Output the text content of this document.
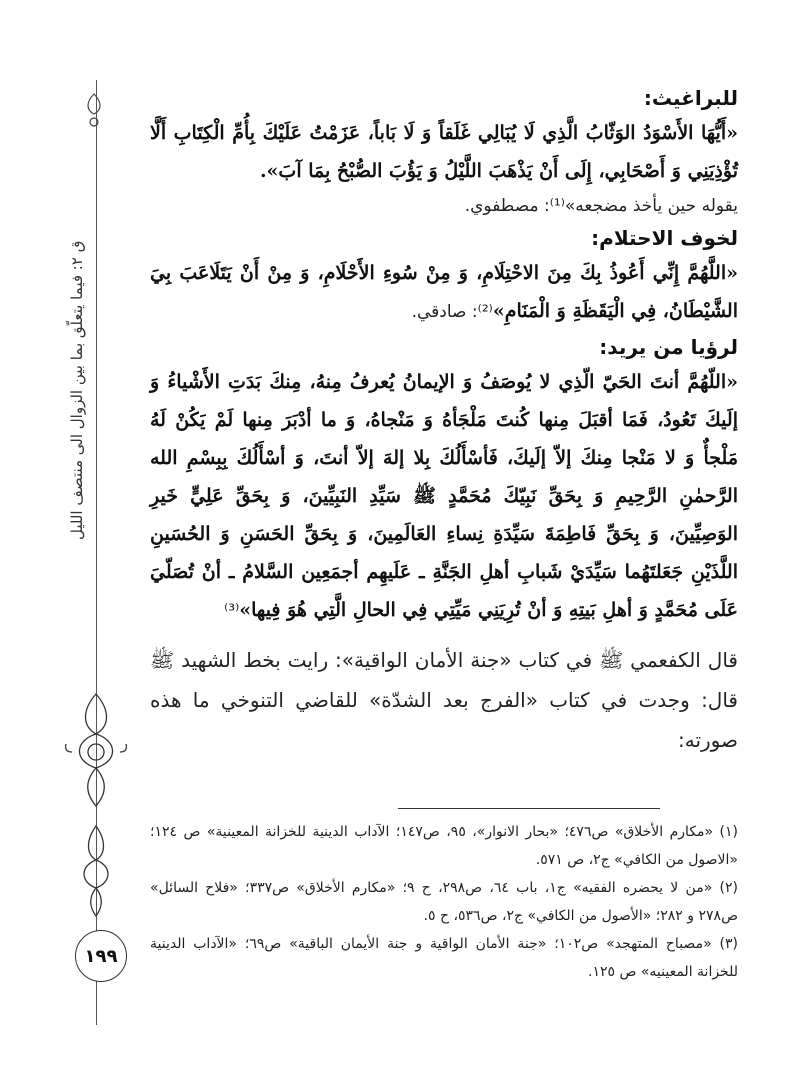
ق ٢: فيما يتعلّق بما بين الزوال الى منتصف الليل
١٩٩
للبراغيث:

«أَيُّهَا الأَسْوَدُ الوَثّابُ الَّذِي لَا يُبَالِي غَلَقاً وَ لَا بَاباً، عَزَمْتُ عَلَيْكَ بِأُمِّ الْكِتَابِ أَلَّا تُؤْذِيَنِي وَ أَصْحَابِي، إِلَى أَنْ يَذْهَبَ اللَّيْلُ وَ يَؤُبَ الصُّبْحُ بِمَا آبَ».

يقوله حين يأخذ مضجعه»⁽¹⁾: مصطفوي.

لخوف الاحتلام:

«اللَّهُمَّ إِنِّي أَعُوذُ بِكَ مِنَ الاحْتِلَامِ، وَ مِنْ سُوءِ الأَحْلَامِ، وَ مِنْ أَنْ يَتَلَاعَبَ بِيَ الشَّيْطَانُ، فِي الْيَقَظَةِ وَ الْمَنَامِ»⁽²⁾: صادقي.

لرؤيا من يريد:

«اللّهُمَّ أنتَ الحَيّ الّذِي لا يُوصَفُ وَ الإيمانُ يُعرفُ مِنهُ، مِنكَ بَدَتِ الأَشْياءُ وَ إلَيكَ تَعُودُ، فَمَا أقبَلَ مِنها كُنتَ مَلْجَأهُ وَ مَنْجاهُ، وَ ما أدْبَرَ مِنها لَمْ يَكُنْ لَهُ مَلْجأٌ وَ لا مَنْجا مِنكَ إلاّ إلَيكَ، فَأسْأَلُكَ بِلا إلهَ إلاّ أنتَ، وَ أسْأَلُكَ بِبِسْمِ الله الرَّحمٰنِ الرَّحِيمِ وَ بِحَقِّ نَبِيّكَ مُحَمَّدٍ ﷺ سَيِّدِ النَبِيِّينَ، وَ بِحَقِّ عَلِيٍّ خَيرِ الوَصِيِّينَ، وَ بِحَقِّ فَاطِمَةَ سَيِّدَةِ نِساءِ العَالَمِينَ، وَ بِحَقِّ الحَسَنِ وَ الحُسَينِ اللَّذَيْنِ جَعَلتَهُما سَيِّدَيْ شَبابِ أهلِ الجَنَّةِ ـ عَلَيهِم أجمَعِين السَّلامُ ـ أنْ تُصَلّيَ عَلَى مُحَمَّدٍ وَ أهلِ بَيتِهِ وَ أنْ تُرِيَنِي مَيِّتِي فِي الحالِ الَّتِي هُوَ فِيها»⁽³⁾

قال الكفعمي ﷺ في كتاب «جنة الأمان الواقية»: رايت بخط الشهيد ﷺ قال: وجدت في كتاب «الفرج بعد الشدّة» للقاضي التنوخي ما هذه صورته:

(١) «مكارم الأخلاق» ص٤٧٦؛ «بحار الانوار»، ٩٥، ص١٤٧؛ الآداب الدينية للخزانة المعينية» ص ١٢٤؛ «الاصول من الكافي» ج٢، ص ٥٧١.

(٢) «من لا يحضره الفقيه» ج١، باب ٦٤، ص٢٩٨، ح ٩؛ «مكارم الأخلاق» ص٣٣٧؛ «فلاح السائل» ص٢٧٨ و ٢٨٢؛ «الأصول من الكافي» ج٢، ص٥٣٦، ح ٥.

(٣) «مصباح المتهجد» ص١٠٢؛ «جنة الأمان الواقية و جنة الأيمان الباقية» ص٦٩؛ «الآداب الدينية للخزانة المعينيه» ص ١٢٥.
